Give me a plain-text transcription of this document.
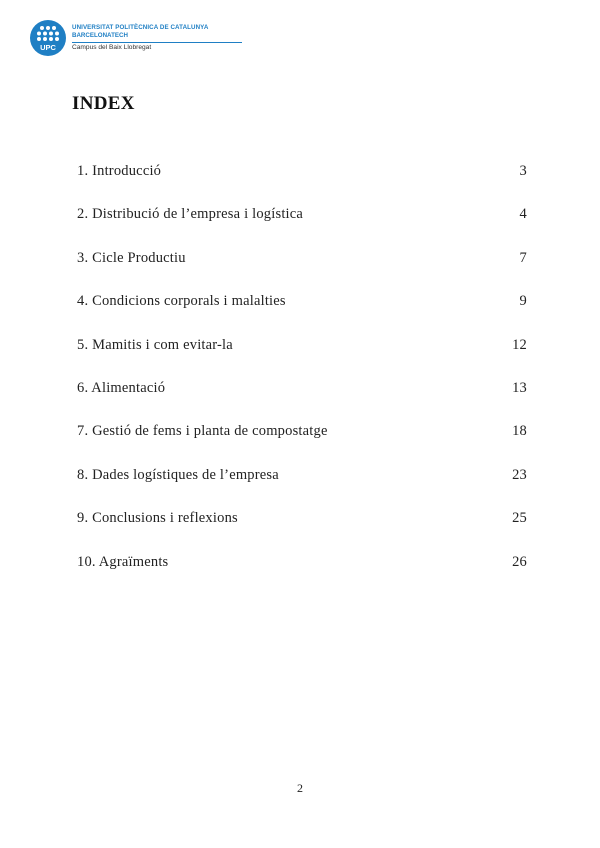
UPC
UNIVERSITAT POLITÈCNICA DE CATALUNYA
BARCELONATECH
Campus del Baix Llobregat
INDEX
1. Introducció	3
2. Distribució de l’empresa i logística	4
3. Cicle Productiu	7
4. Condicions corporals i malalties	9
5. Mamitis i com evitar-la	12
6. Alimentació	13
7. Gestió de fems i planta de compostatge	18
8. Dades logístiques de l’empresa	23
9. Conclusions i reflexions	25
10. Agraïments	26
2
